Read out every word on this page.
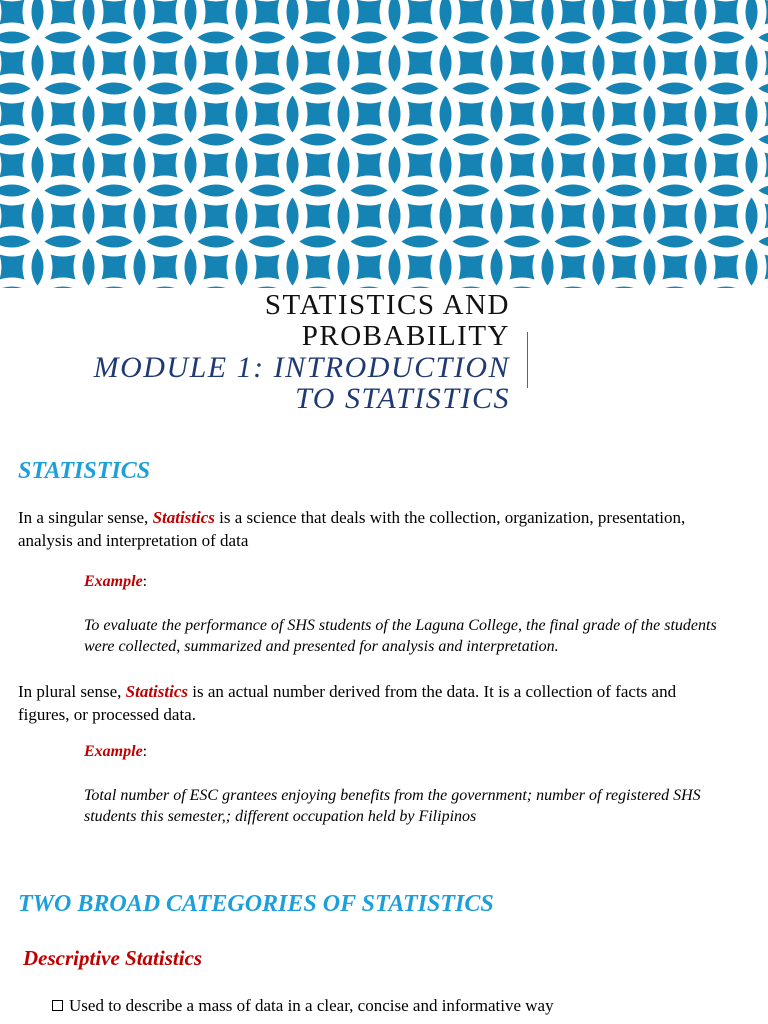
STATISTICS AND
PROBABILITY
MODULE 1: INTRODUCTION
TO STATISTICS
STATISTICS

In a singular sense, Statistics is a science that deals with the collection, organization, presentation, analysis and interpretation of data

Example:

To evaluate the performance of SHS students of the Laguna College, the final grade of the students were collected, summarized and presented for analysis and interpretation.

In plural sense, Statistics is an actual number derived from the data. It is a collection of facts and figures, or processed data.

Example:

Total number of ESC grantees enjoying benefits from the government; number of registered SHS students this semester,; different occupation held by Filipinos

TWO BROAD CATEGORIES OF STATISTICS
Descriptive Statistics

Used to describe a mass of data in a clear, concise and informative way
